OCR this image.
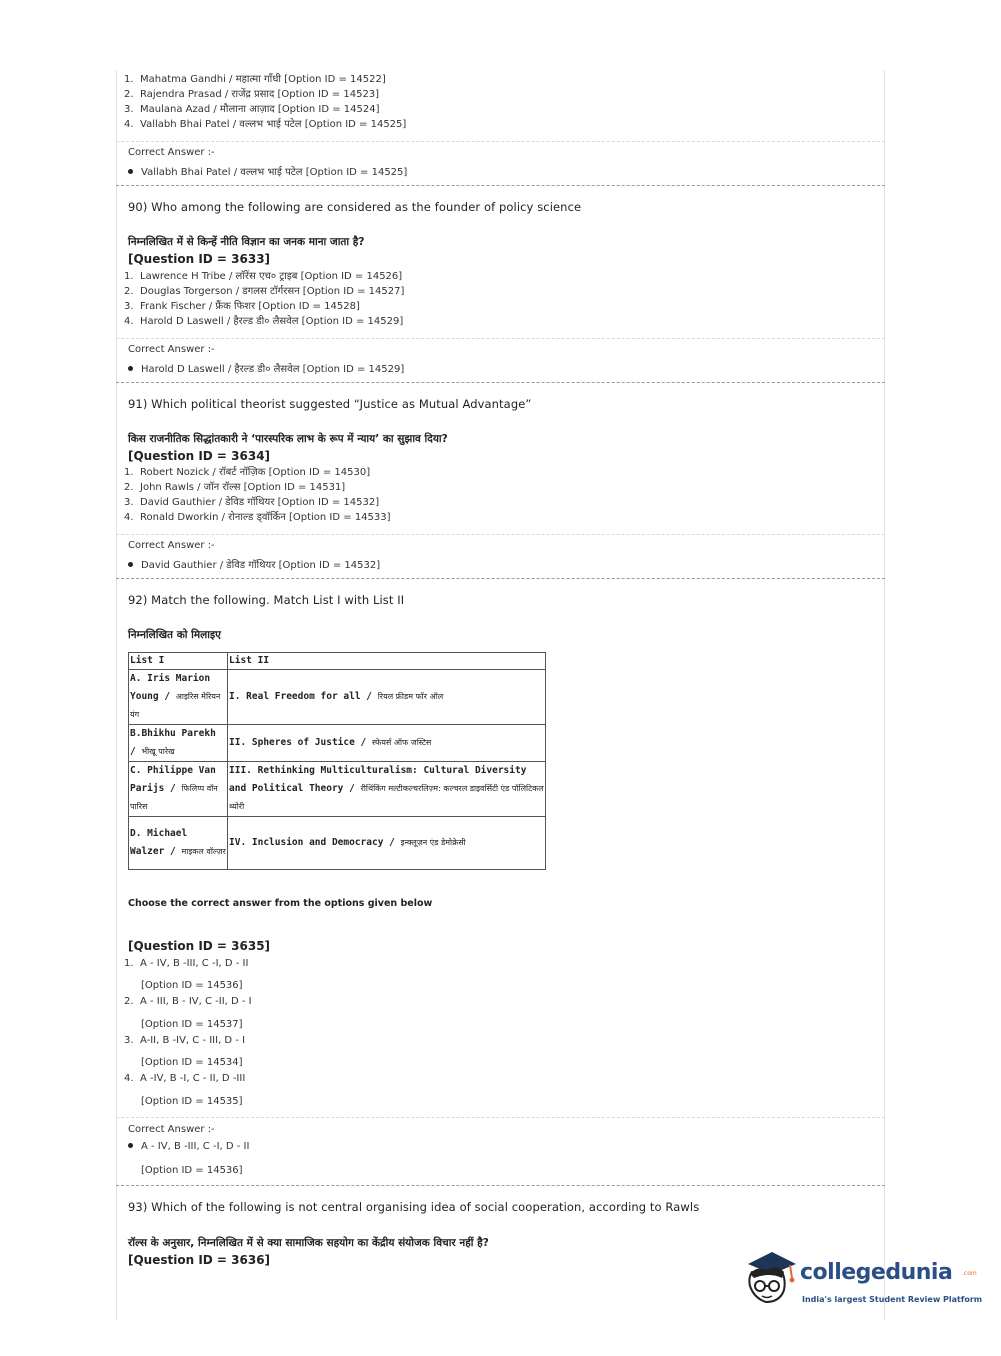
1. Mahatma Gandhi / महात्मा गाँधी [Option ID = 14522]
2. Rajendra Prasad / राजेंद्र प्रसाद [Option ID = 14523]
3. Maulana Azad / मौलाना आज़ाद [Option ID = 14524]
4. Vallabh Bhai Patel / वल्लभ भाई पटेल [Option ID = 14525]
Correct Answer :-
Vallabh Bhai Patel / वल्लभ भाई पटेल [Option ID = 14525]
90) Who among the following are considered as the founder of policy science
निम्नलिखित में से किन्हें नीति विज्ञान का जनक माना जाता है?
[Question ID = 3633]
1. Lawrence H Tribe / लॉरेंस एच० ट्राइब [Option ID = 14526]
2. Douglas Torgerson / डगलस टॉर्गरसन [Option ID = 14527]
3. Frank Fischer / फ्रैंक फिशर [Option ID = 14528]
4. Harold D Laswell / हैरल्ड डी० लैसवेल [Option ID = 14529]
Correct Answer :-
Harold D Laswell / हैरल्ड डी० लैसवेल [Option ID = 14529]
91) Which political theorist suggested “Justice as Mutual Advantage”
किस राजनीतिक सिद्धांतकारी ने ‘पारस्परिक लाभ के रूप में न्याय’ का सुझाव दिया?
[Question ID = 3634]
1. Robert Nozick / रॉबर्ट नॉज़िक [Option ID = 14530]
2. John Rawls / जॉन रॉल्स [Option ID = 14531]
3. David Gauthier / डेविड गॉथियर [Option ID = 14532]
4. Ronald Dworkin / रोनाल्ड ड्वॉर्किन [Option ID = 14533]
Correct Answer :-
David Gauthier / डेविड गॉथियर [Option ID = 14532]
92) Match the following. Match List I with List II
निम्नलिखित को मिलाइए
List I	List II
A. Iris Marion Young / आइरिस मेरियन यंग	I. Real Freedom for all / रियल फ्रीडम फॉर ऑल
B.Bhikhu Parekh / भीखू पारेख	II. Spheres of Justice / स्फेयर्स ऑफ जस्टिस
C. Philippe Van Parijs / फिलिप्प वॉन पारिस	III. Rethinking Multiculturalism: Cultural Diversity and Political Theory / रीथिंकिंग मल्टीकल्चरलिज़्म: कल्चरल डाइवर्सिटी एंड पॉलिटिकल थ्योरी
D. Michael Walzer / माइकल वॉल्ज़र	IV. Inclusion and Democracy / इन्क्लूज़न एंड डेमोक्रेसी
Choose the correct answer from the options given below
[Question ID = 3635]
1. A - IV, B -III, C -I, D - II
[Option ID = 14536]
2. A - III, B - IV, C -II, D - I
[Option ID = 14537]
3. A-II, B -IV, C - III, D - I
[Option ID = 14534]
4. A -IV, B -I, C - II, D -III
[Option ID = 14535]
Correct Answer :-
A - IV, B -III, C -I, D - II
[Option ID = 14536]
93) Which of the following is not central organising idea of social cooperation, according to Rawls
रॉल्स के अनुसार, निम्नलिखित में से क्या सामाजिक सहयोग का केंद्रीय संयोजक विचार नहीं है?
[Question ID = 3636]	collegedunia .com
India's largest Student Review Platform
